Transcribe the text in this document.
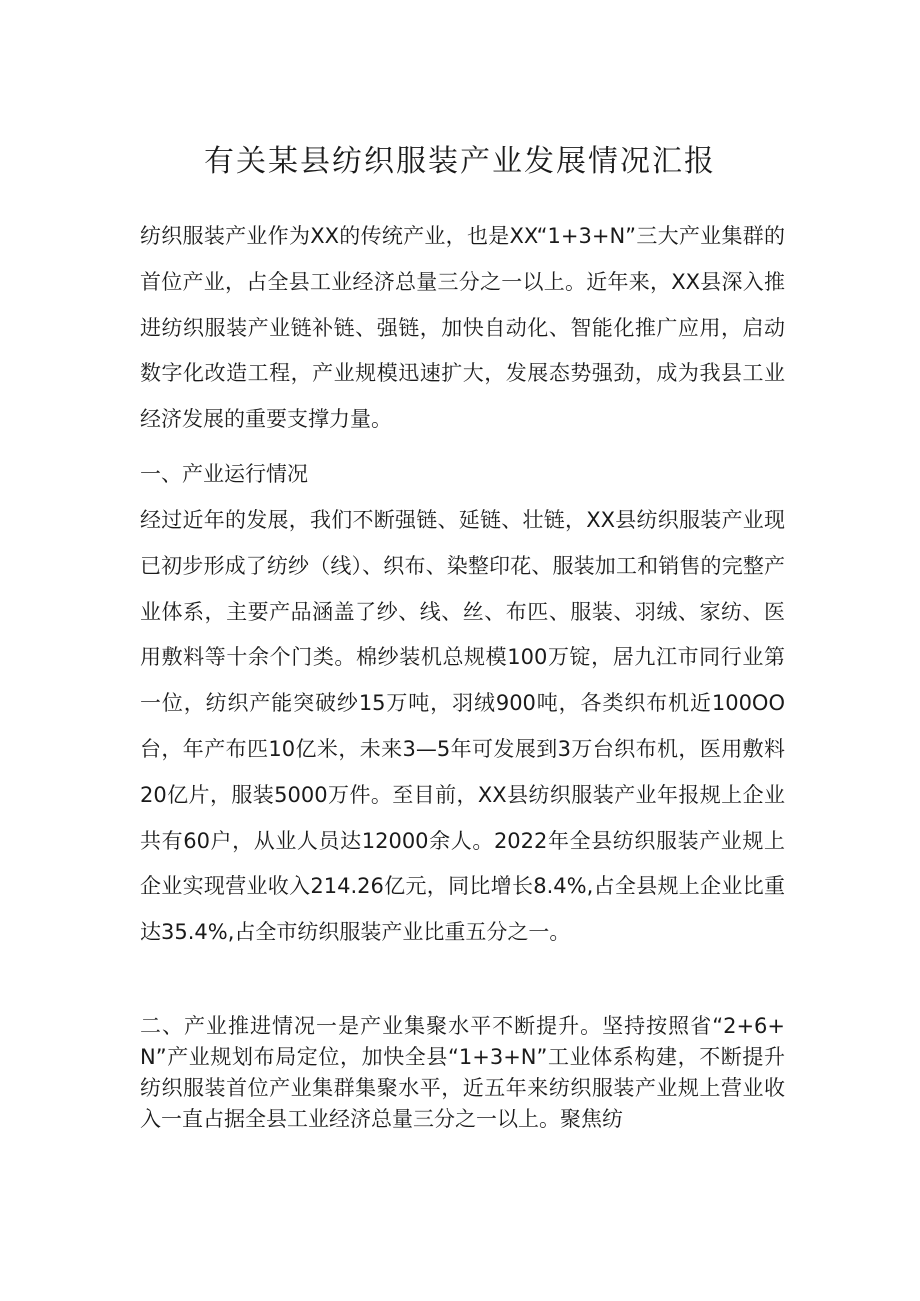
有关某县纺织服装产业发展情况汇报

纺织服装产业作为XX的传统产业，也是XX“1+3+N”三大产业集群的首位产业，占全县工业经济总量三分之一以上。近年来，XX县深入推进纺织服装产业链补链、强链，加快自动化、智能化推广应用，启动数字化改造工程，产业规模迅速扩大，发展态势强劲，成为我县工业经济发展的重要支撑力量。

一、产业运行情况

经过近年的发展，我们不断强链、延链、壮链，XX县纺织服装产业现已初步形成了纺纱（线）、织布、染整印花、服装加工和销售的完整产业体系，主要产品涵盖了纱、线、丝、布匹、服装、羽绒、家纺、医用敷料等十余个门类。棉纱装机总规模100万锭，居九江市同行业第一位，纺织产能突破纱15万吨，羽绒900吨，各类织布机近100OO台，年产布匹10亿米，未来3—5年可发展到3万台织布机，医用敷料20亿片，服装5000万件。至目前，XX县纺织服装产业年报规上企业共有60户，从业人员达12000余人。2022年全县纺织服装产业规上企业实现营业收入214.26亿元，同比增长8.4%,占全县规上企业比重达35.4%,占全市纺织服装产业比重五分之一。

二、产业推进情况一是产业集聚水平不断提升。坚持按照省“2+6+N”产业规划布局定位，加快全县“1+3+N”工业体系构建，不断提升纺织服装首位产业集群集聚水平，近五年来纺织服装产业规上营业收入一直占据全县工业经济总量三分之一以上。聚焦纺
